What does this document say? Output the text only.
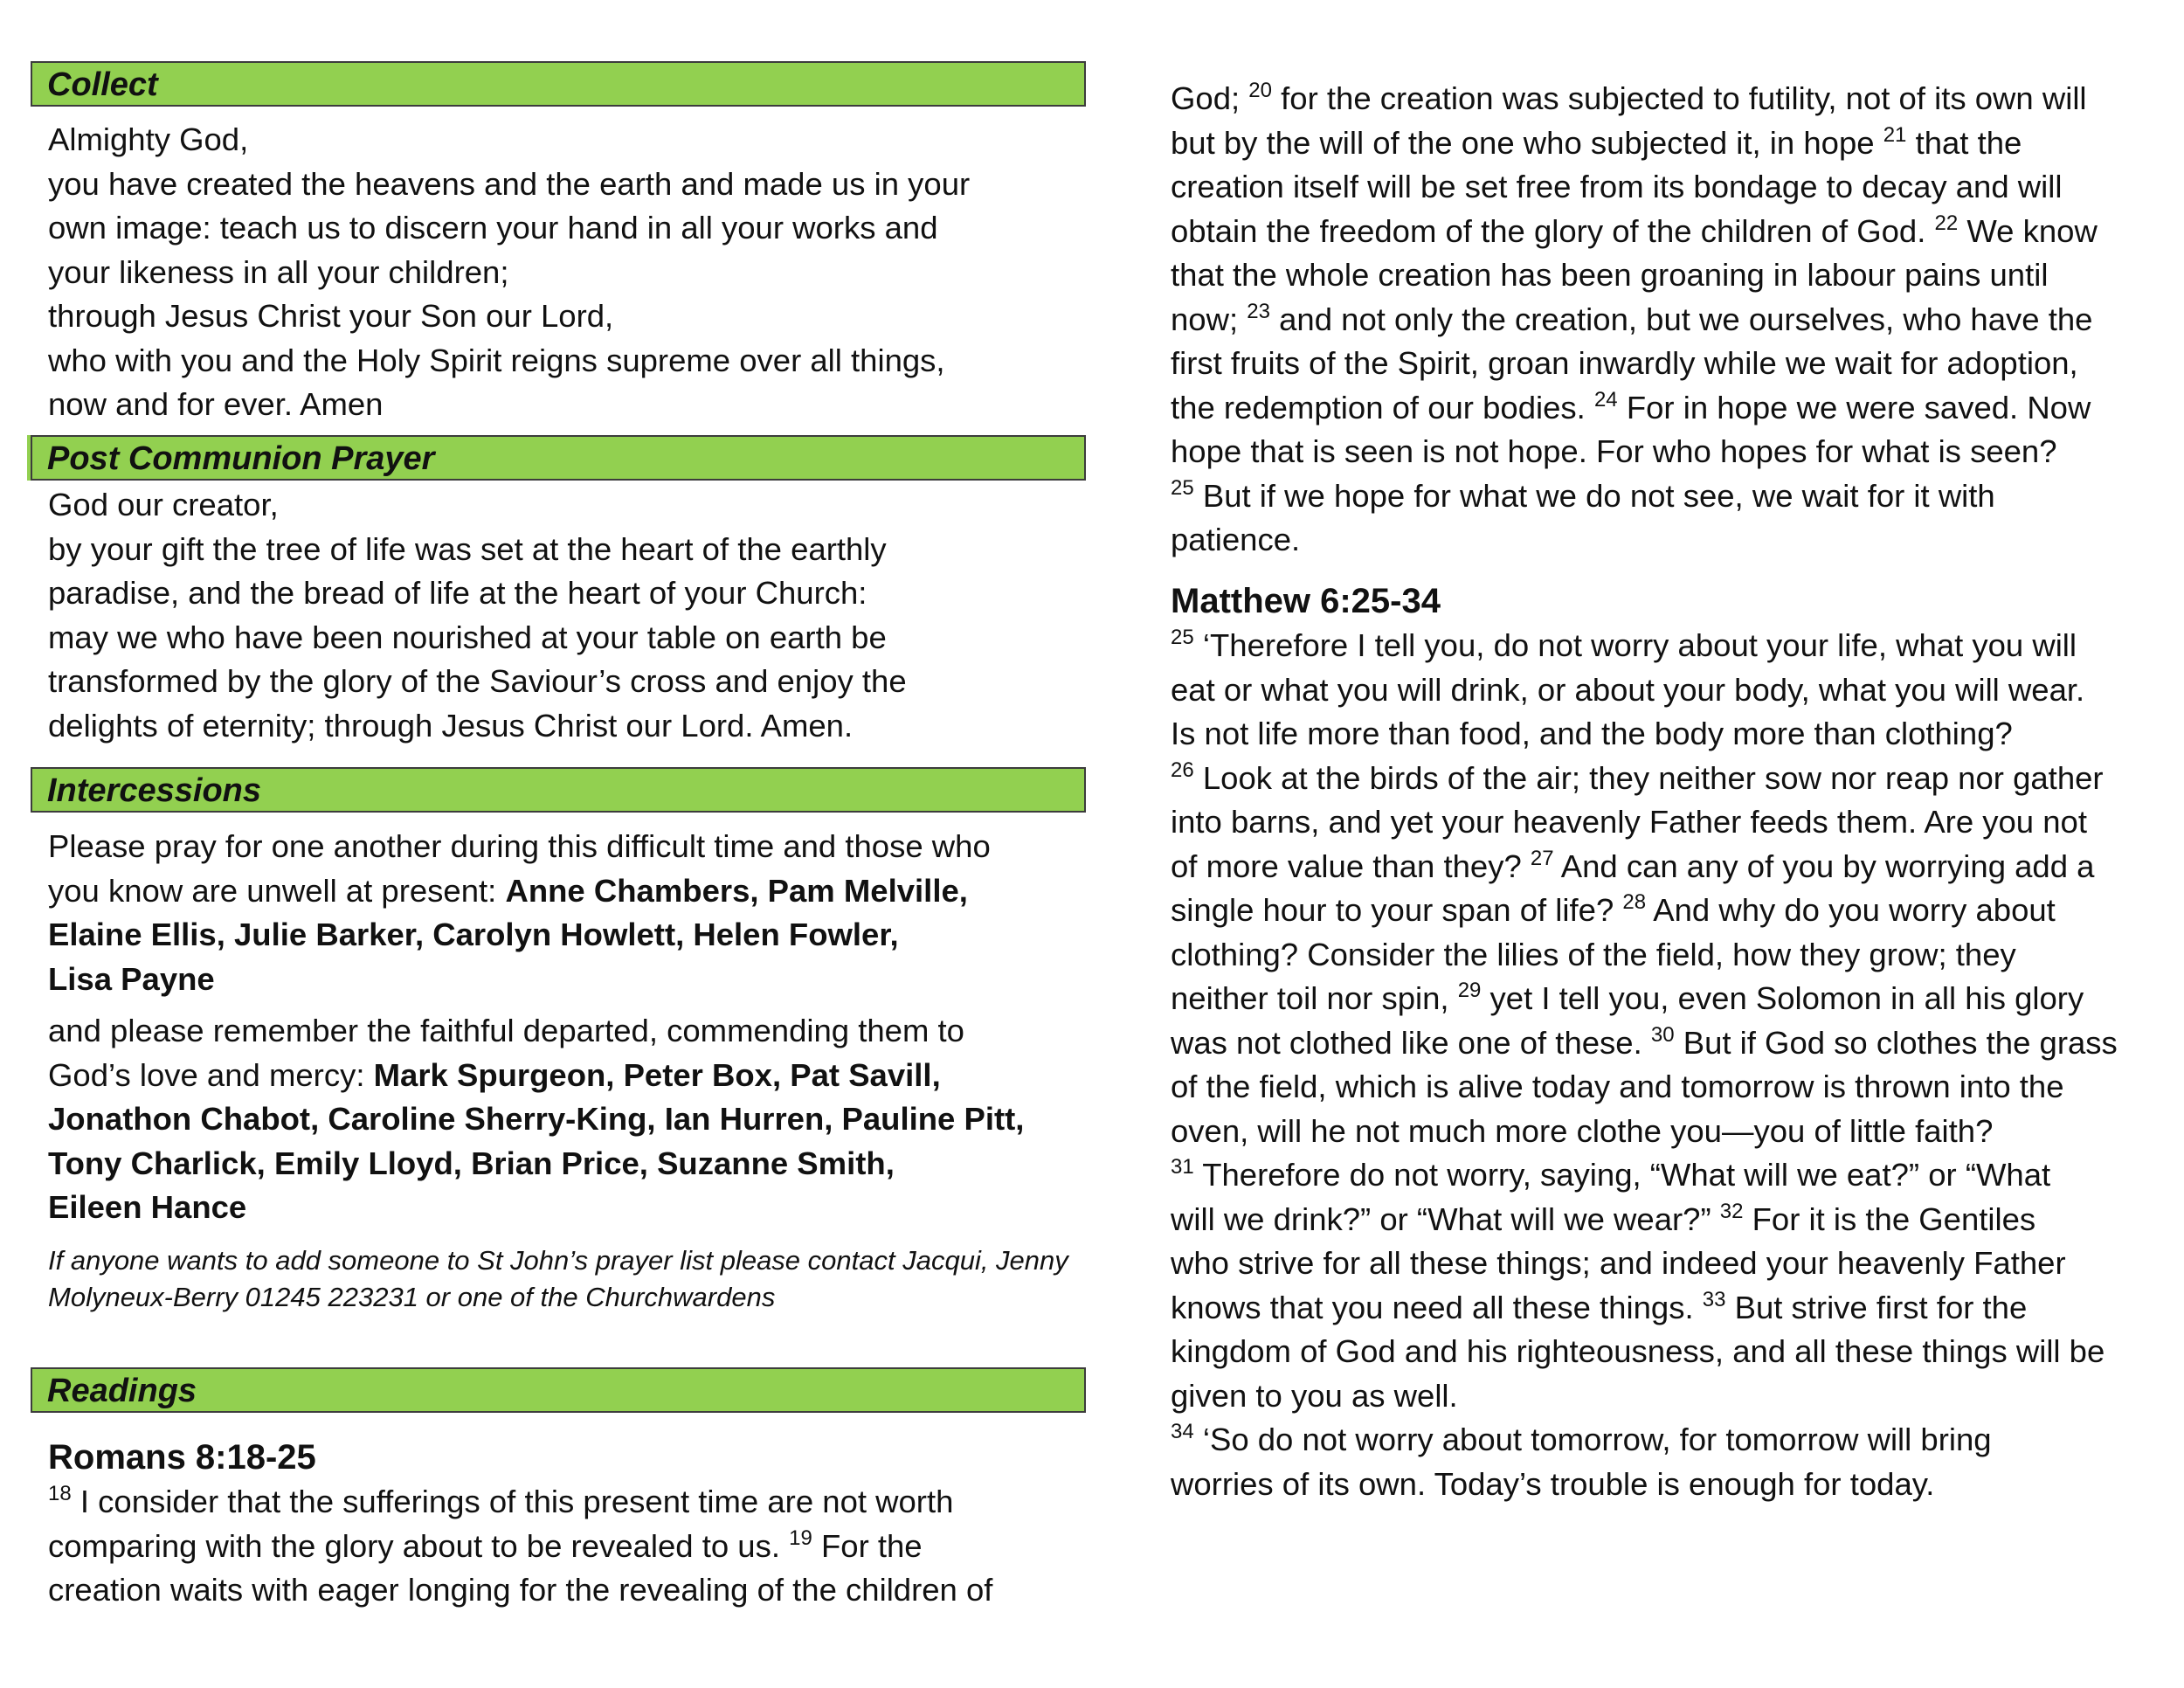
Collect

Almighty God,

you have created the heavens and the earth and made us in your

own image: teach us to discern your hand in all your works and

your likeness in all your children;

through Jesus Christ your Son our Lord,

who with you and the Holy Spirit reigns supreme over all things,

now and for ever. Amen

Post Communion Prayer

God our creator,

by your gift the tree of life was set at the heart of the earthly

paradise, and the bread of life at the heart of your Church:

may we who have been nourished at your table on earth be

transformed by the glory of the Saviour’s cross and enjoy the

delights of eternity; through Jesus Christ our Lord. Amen.

Intercessions

Please pray for one another during this difficult time and those who

you know are unwell at present: Anne Chambers, Pam Melville,

Elaine Ellis, Julie Barker, Carolyn Howlett, Helen Fowler,

Lisa Payne

and please remember the faithful departed, commending them to

God’s love and mercy: Mark Spurgeon, Peter Box, Pat Savill,

Jonathon Chabot, Caroline Sherry-King, Ian Hurren, Pauline Pitt,

Tony Charlick, Emily Lloyd, Brian Price, Suzanne Smith,

Eileen Hance

If anyone wants to add someone to St John’s prayer list please contact Jacqui, Jenny

Molyneux-Berry 01245 223231 or one of the Churchwardens

Readings

Romans 8:18-25

$^{18}$ I consider that the sufferings of this present time are not worth

comparing with the glory about to be revealed to us. $^{19}$ For the

creation waits with eager longing for the revealing of the children of

God; $^{20}$ for the creation was subjected to futility, not of its own will

but by the will of the one who subjected it, in hope $^{21}$ that the

creation itself will be set free from its bondage to decay and will

obtain the freedom of the glory of the children of God. $^{22}$ We know

that the whole creation has been groaning in labour pains until

now; $^{23}$ and not only the creation, but we ourselves, who have the

first fruits of the Spirit, groan inwardly while we wait for adoption,

the redemption of our bodies. $^{24}$ For in hope we were saved. Now

hope that is seen is not hope. For who hopes for what is seen?

$^{25}$ But if we hope for what we do not see, we wait for it with

patience.

Matthew 6:25-34

$^{25}$ ‘Therefore I tell you, do not worry about your life, what you will

eat or what you will drink, or about your body, what you will wear.

Is not life more than food, and the body more than clothing?

$^{26}$ Look at the birds of the air; they neither sow nor reap nor gather

into barns, and yet your heavenly Father feeds them. Are you not

of more value than they? $^{27}$ And can any of you by worrying add a

single hour to your span of life? $^{28}$ And why do you worry about

clothing? Consider the lilies of the field, how they grow; they

neither toil nor spin, $^{29}$ yet I tell you, even Solomon in all his glory

was not clothed like one of these. $^{30}$ But if God so clothes the grass

of the field, which is alive today and tomorrow is thrown into the

oven, will he not much more clothe you—you of little faith?

$^{31}$ Therefore do not worry, saying, “What will we eat?” or “What

will we drink?” or “What will we wear?” $^{32}$ For it is the Gentiles

who strive for all these things; and indeed your heavenly Father

knows that you need all these things. $^{33}$ But strive first for the

kingdom of God and his righteousness, and all these things will be

given to you as well.

$^{34}$ ‘So do not worry about tomorrow, for tomorrow will bring

worries of its own. Today’s trouble is enough for today.
